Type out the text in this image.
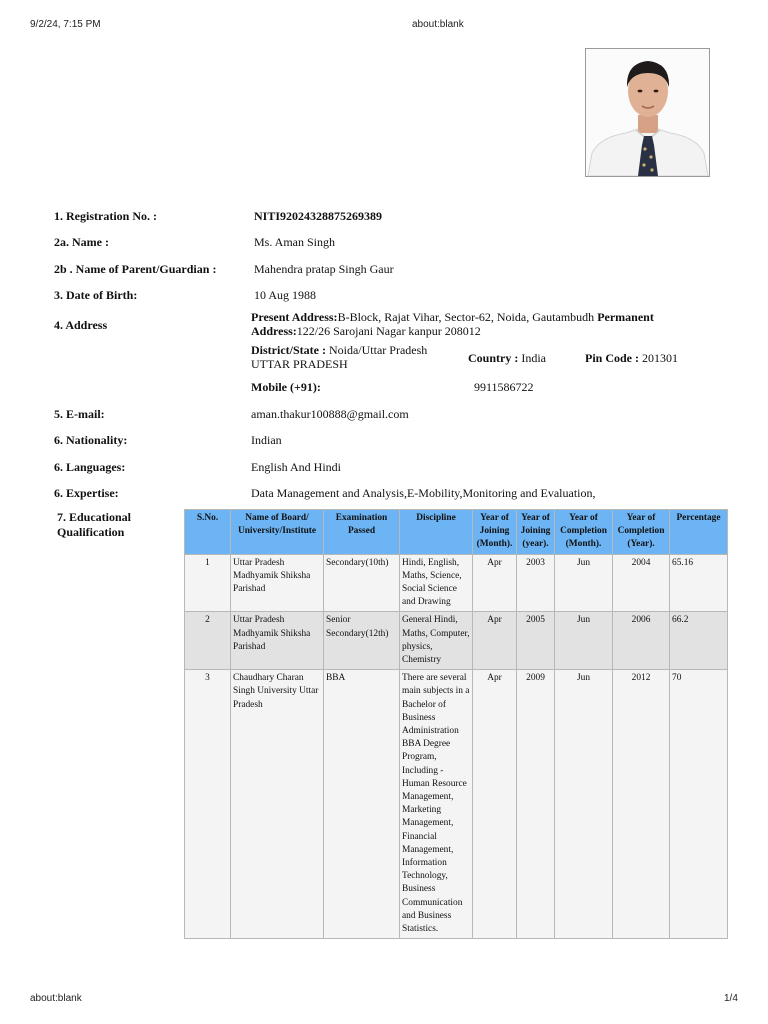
9/2/24, 7:15 PM	about:blank
about:blank	1/4
1. Registration No. :	NITI92024328875269389
2a. Name :	Ms. Aman Singh
2b . Name of Parent/Guardian :	Mahendra pratap Singh Gaur
3. Date of Birth:	10 Aug 1988
4. Address
Present Address:B-Block, Rajat Vihar, Sector-62, Noida, Gautambudh Permanent Address:122/26 Sarojani Nagar kanpur 208012
District/State : Noida/Uttar Pradesh
UTTAR PRADESH	Country : India	Pin Code : 201301
Mobile (+91):	9911586722
5. E-mail:	aman.thakur100888@gmail.com
6. Nationality:	Indian
6. Languages:	English And Hindi
6. Expertise:	Data Management and Analysis,E-Mobility,Monitoring and Evaluation,
7. Educational
Qualification
S.No.	Name of Board/ University/Institute	Examination Passed	Discipline	Year of Joining (Month).	Year of Joining (year).	Year of Completion (Month).	Year of Completion (Year).	Percentage
1	Uttar Pradesh Madhyamik Shiksha Parishad	Secondary(10th)	Hindi, English, Maths, Science, Social Science and Drawing	Apr	2003	Jun	2004	65.16
2	Uttar Pradesh Madhyamik Shiksha Parishad	Senior Secondary(12th)	General Hindi, Maths, Computer, physics, Chemistry	Apr	2005	Jun	2006	66.2
3	Chaudhary Charan Singh University Uttar Pradesh	BBA	There are several main subjects in a Bachelor of Business Administration BBA Degree Program, Including - Human Resource Management, Marketing Management, Financial Management, Information Technology, Business Communication and Business Statistics.	Apr	2009	Jun	2012	70
